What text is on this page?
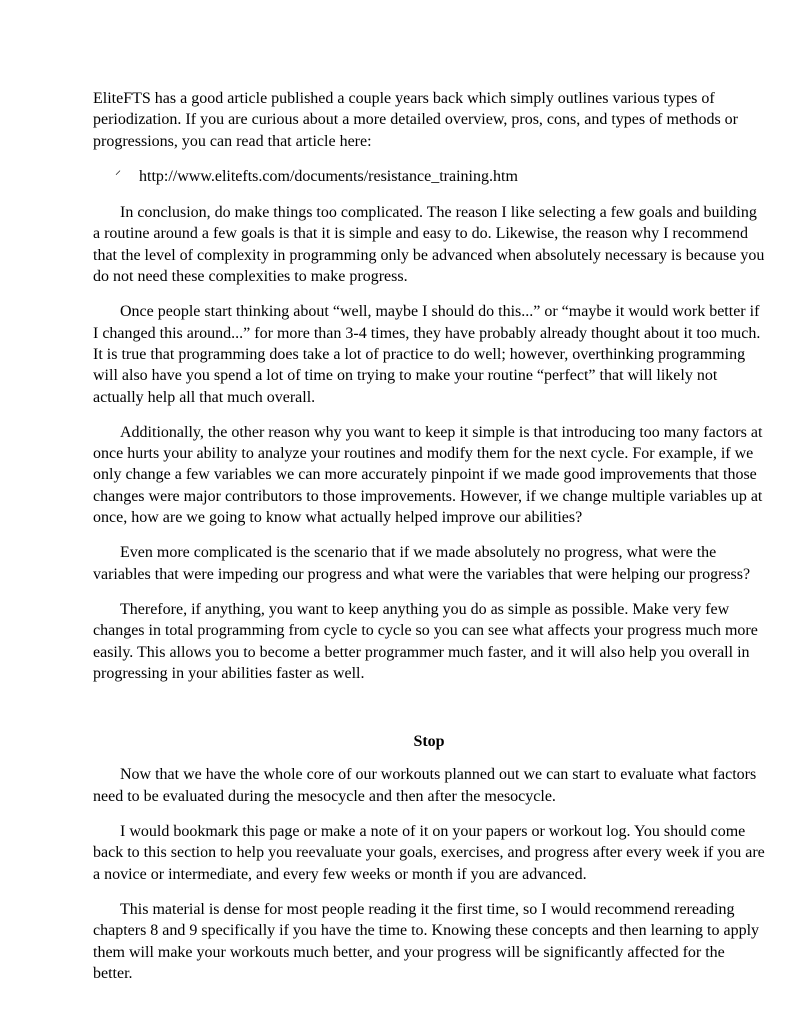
EliteFTS has a good article published a couple years back which simply outlines various types of periodization. If you are curious about a more detailed overview, pros, cons, and types of methods or progressions, you can read that article here:

⸍	http://www.elitefts.com/documents/resistance_training.htm

In conclusion, do make things too complicated. The reason I like selecting a few goals and building a routine around a few goals is that it is simple and easy to do. Likewise, the reason why I recommend that the level of complexity in programming only be advanced when absolutely necessary is because you do not need these complexities to make progress.

Once people start thinking about “well, maybe I should do this...” or “maybe it would work better if I changed this around...” for more than 3-4 times, they have probably already thought about it too much. It is true that programming does take a lot of practice to do well; however, overthinking programming will also have you spend a lot of time on trying to make your routine “perfect” that will likely not actually help all that much overall.

Additionally, the other reason why you want to keep it simple is that introducing too many factors at once hurts your ability to analyze your routines and modify them for the next cycle. For example, if we only change a few variables we can more accurately pinpoint if we made good improvements that those changes were major contributors to those improvements. However, if we change multiple variables up at once, how are we going to know what actually helped improve our abilities?

Even more complicated is the scenario that if we made absolutely no progress, what were the variables that were impeding our progress and what were the variables that were helping our progress?

Therefore, if anything, you want to keep anything you do as simple as possible. Make very few changes in total programming from cycle to cycle so you can see what affects your progress much more easily. This allows you to become a better programmer much faster, and it will also help you overall in progressing in your abilities faster as well.

Stop

Now that we have the whole core of our workouts planned out we can start to evaluate what factors need to be evaluated during the mesocycle and then after the mesocycle.

I would bookmark this page or make a note of it on your papers or workout log. You should come back to this section to help you reevaluate your goals, exercises, and progress after every week if you are a novice or intermediate, and every few weeks or month if you are advanced.

This material is dense for most people reading it the first time, so I would recommend rereading chapters 8 and 9 specifically if you have the time to. Knowing these concepts and then learning to apply them will make your workouts much better, and your progress will be significantly affected for the better.
